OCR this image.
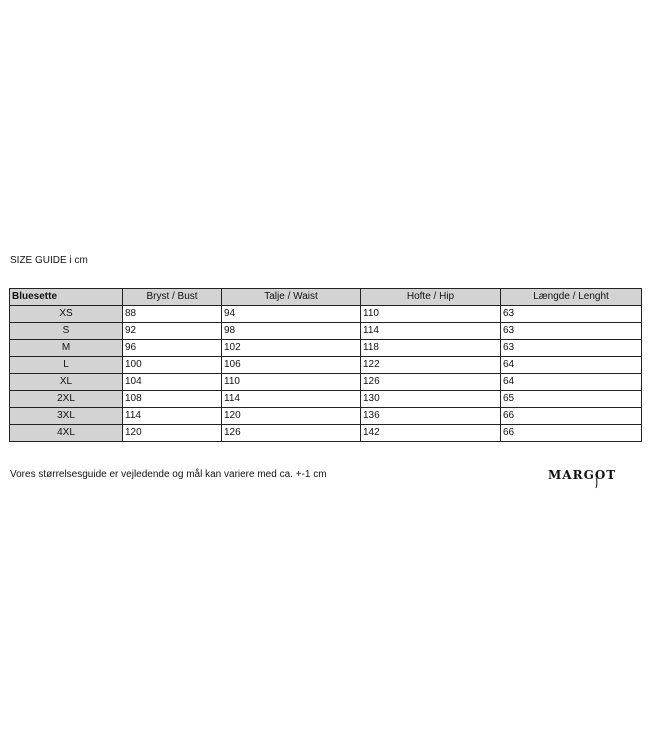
SIZE GUIDE i cm
Bluesette	Bryst / Bust	Talje / Waist	Hofte / Hip	Længde / Lenght
XS	88	94	110	63
S	92	98	114	63
M	96	102	118	63
L	100	106	122	64
XL	104	110	126	64
2XL	108	114	130	65
3XL	114	120	136	66
4XL	120	126	142	66
Vores størrelsesguide er vejledende og mål kan variere med ca. +-1 cm	MARGOT
